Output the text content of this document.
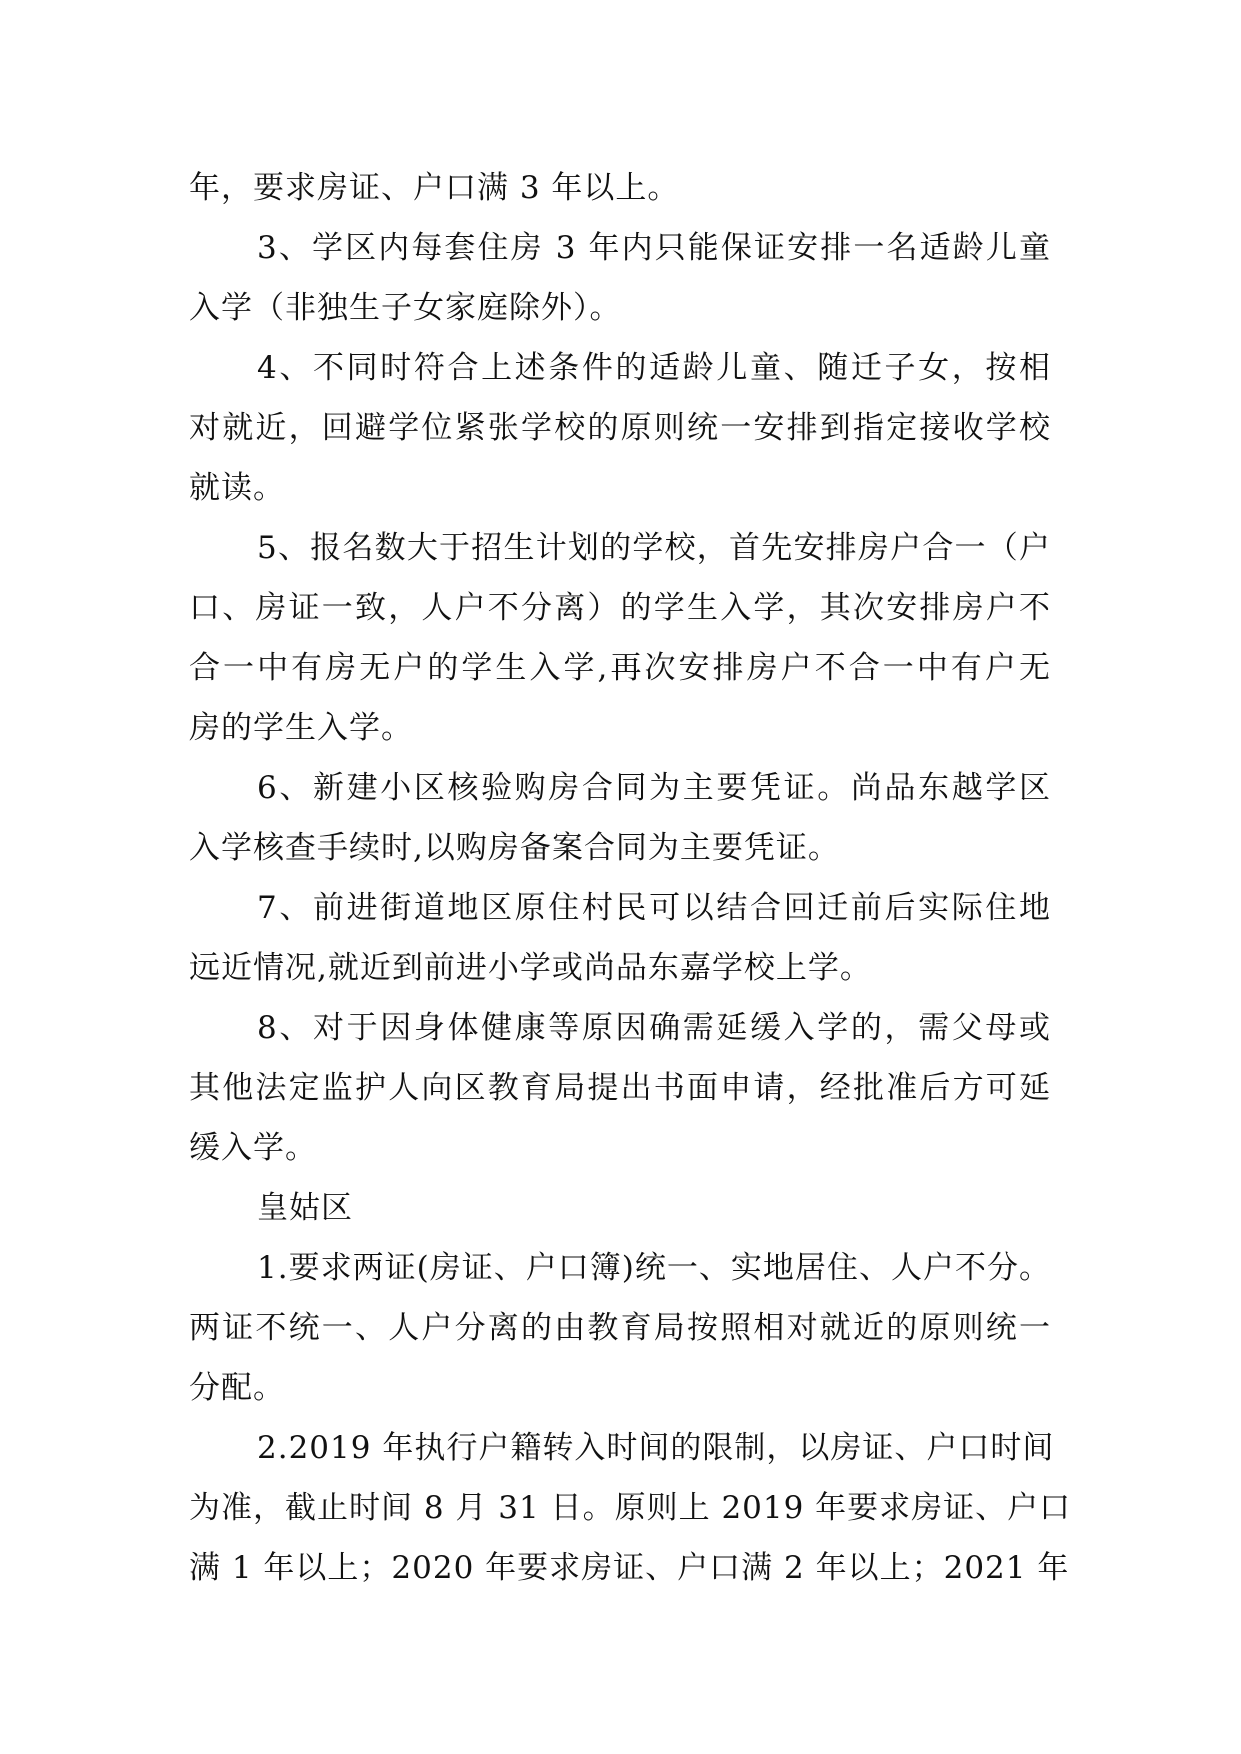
年，要求房证、户口满 3 年以上。
3、学区内每套住房 3 年内只能保证安排一名适龄儿童
入学（非独生子女家庭除外）。
4、不同时符合上述条件的适龄儿童、随迁子女，按相
对就近，回避学位紧张学校的原则统一安排到指定接收学校
就读。
5、报名数大于招生计划的学校，首先安排房户合一（户
口、房证一致，人户不分离）的学生入学，其次安排房户不
合一中有房无户的学生入学,再次安排房户不合一中有户无
房的学生入学。
6、新建小区核验购房合同为主要凭证。尚品东越学区
入学核查手续时,以购房备案合同为主要凭证。
7、前进街道地区原住村民可以结合回迁前后实际住地
远近情况,就近到前进小学或尚品东嘉学校上学。
8、对于因身体健康等原因确需延缓入学的，需父母或
其他法定监护人向区教育局提出书面申请，经批准后方可延
缓入学。
皇姑区
1.要求两证(房证、户口簿)统一、实地居住、人户不分。
两证不统一、人户分离的由教育局按照相对就近的原则统一
分配。
2.2019 年执行户籍转入时间的限制，以房证、户口时间
为准，截止时间 8 月 31 日。原则上 2019 年要求房证、户口
满 1 年以上；2020 年要求房证、户口满 2 年以上；2021 年
